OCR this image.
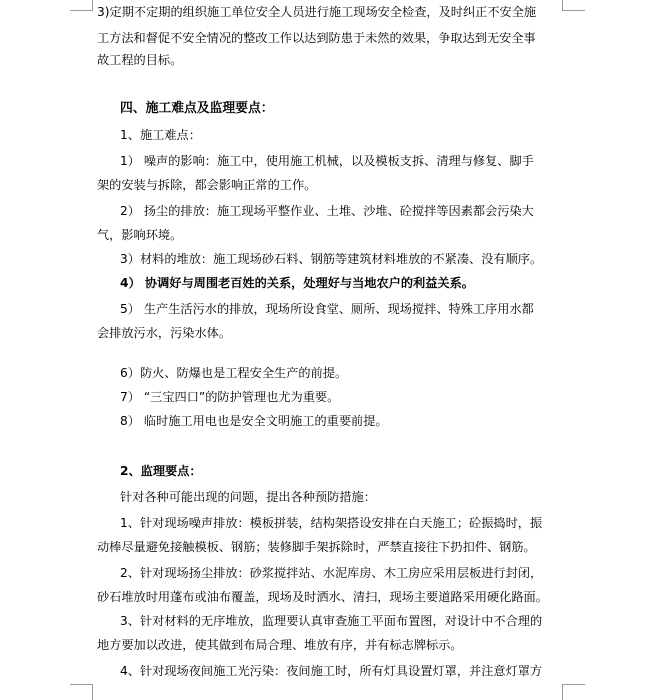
3)定期不定期的组织施工单位安全人员进行施工现场安全检查，及时纠正不安全施
工方法和督促不安全情况的整改工作以达到防患于未然的效果，争取达到无安全事
故工程的目标。
四、施工难点及监理要点：
1、施工难点：
1） 噪声的影响：施工中，使用施工机械，以及模板支拆、清理与修复、脚手
架的安装与拆除，都会影响正常的工作。
2） 扬尘的排放：施工现场平整作业、土堆、沙堆、砼搅拌等因素都会污染大
气，影响环境。
3）材料的堆放：施工现场砂石料、钢筋等建筑材料堆放的不紧凑、没有顺序。
4） 协调好与周围老百姓的关系，处理好与当地农户的利益关系。
5） 生产生活污水的排放，现场所设食堂、厕所、现场搅拌、特殊工序用水都
会排放污水，污染水体。
6）防火、防爆也是工程安全生产的前提。
7） “三宝四口”的防护管理也尤为重要。
8） 临时施工用电也是安全文明施工的重要前提。
2、监理要点：
针对各种可能出现的问题，提出各种预防措施：
1、针对现场噪声排放：模板拼装，结构架搭设安排在白天施工；砼振捣时，振
动棒尽量避免接触模板、钢筋；装修脚手架拆除时，严禁直接往下扔扣件、钢筋。
2、针对现场扬尘排放：砂浆搅拌站、水泥库房、木工房应采用层板进行封闭，
砂石堆放时用蓬布或油布覆盖，现场及时洒水、清扫，现场主要道路采用硬化路面。
3、针对材料的无序堆放，监理要认真审查施工平面布置图，对设计中不合理的
地方要加以改进，使其做到布局合理、堆放有序，并有标志牌标示。
4、针对现场夜间施工光污染：夜间施工时，所有灯具设置灯罩，并注意灯罩方
